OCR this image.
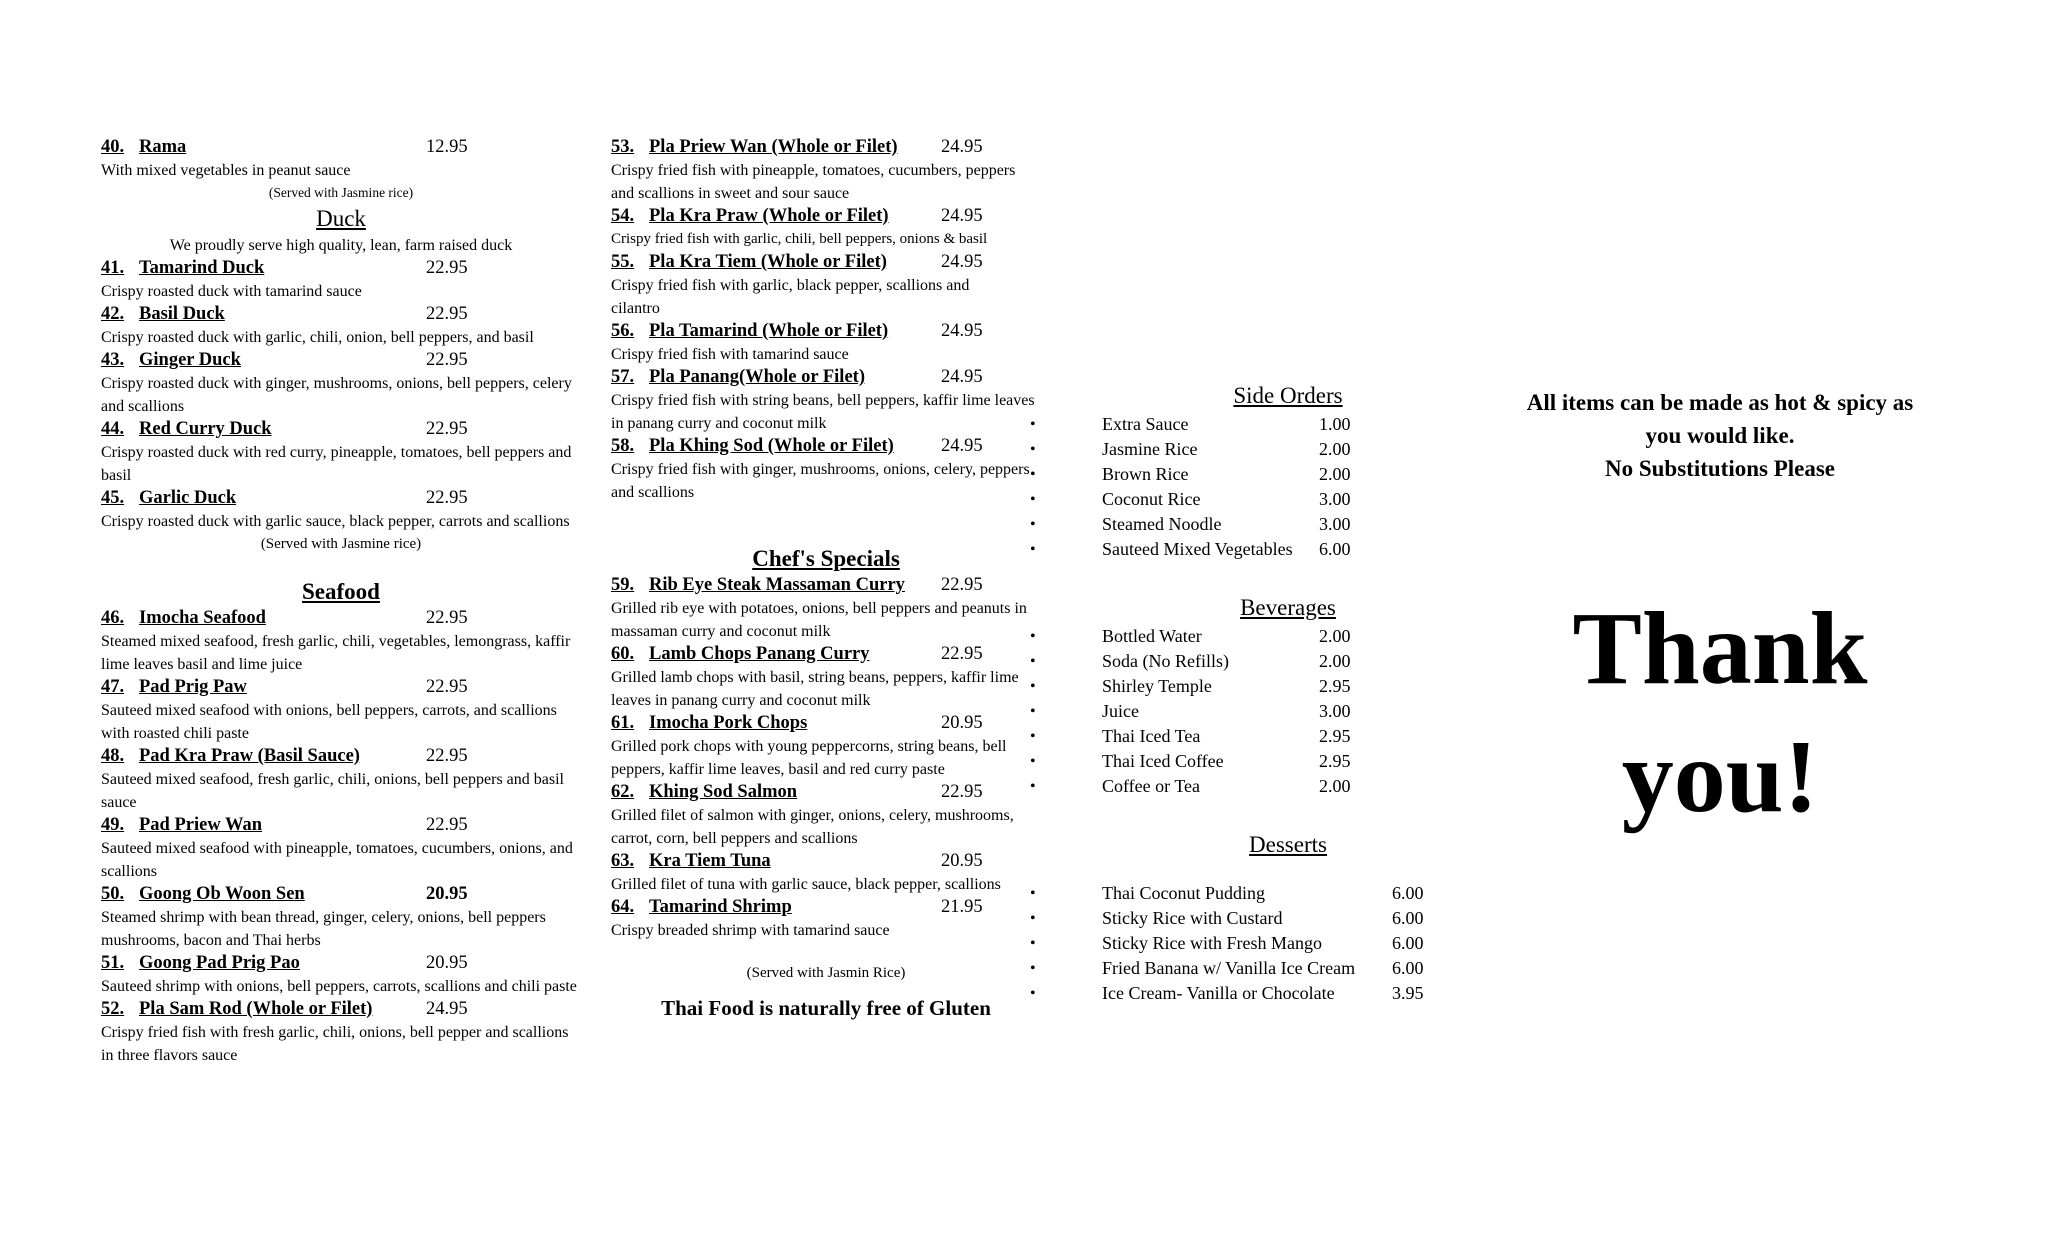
40. Rama	12.95
With mixed vegetables in peanut sauce
(Served with Jasmine rice)
Duck
We proudly serve high quality, lean, farm raised duck
41. Tamarind Duck	22.95
Crispy roasted duck with tamarind sauce
42. Basil Duck	22.95
Crispy roasted duck with garlic, chili, onion, bell peppers, and basil
43. Ginger Duck	22.95
Crispy roasted duck with ginger, mushrooms, onions, bell peppers, celery and scallions
44. Red Curry Duck	22.95
Crispy roasted duck with red curry, pineapple, tomatoes, bell peppers and basil
45. Garlic Duck	22.95
Crispy roasted duck with garlic sauce, black pepper, carrots and scallions
(Served with Jasmine rice)
Seafood
46. Imocha Seafood	22.95
Steamed mixed seafood, fresh garlic, chili, vegetables, lemongrass, kaffir lime leaves basil and lime juice
47. Pad Prig Paw	22.95
Sauteed mixed seafood with onions, bell peppers, carrots, and scallions with roasted chili paste
48. Pad Kra Praw (Basil Sauce)	22.95
Sauteed mixed seafood, fresh garlic, chili, onions, bell peppers and basil sauce
49. Pad Priew Wan	22.95
Sauteed mixed seafood with pineapple, tomatoes, cucumbers, onions, and scallions
50. Goong Ob Woon Sen	20.95
Steamed shrimp with bean thread, ginger, celery, onions, bell peppers mushrooms, bacon and Thai herbs
51. Goong Pad Prig Pao	20.95
Sauteed shrimp with onions, bell peppers, carrots, scallions and chili paste
52. Pla Sam Rod (Whole or Filet)	24.95
Crispy fried fish with fresh garlic, chili, onions, bell pepper and scallions in three flavors sauce
53. Pla Priew Wan (Whole or Filet) 24.95
Crispy fried fish with pineapple, tomatoes, cucumbers, peppers and scallions in sweet and sour sauce
54. Pla Kra Praw (Whole or Filet)	24.95
Crispy fried fish with garlic, chili, bell peppers, onions & basil
55. Pla Kra Tiem (Whole or Filet)	24.95
Crispy fried fish with garlic, black pepper, scallions and cilantro
56. Pla Tamarind (Whole or Filet)	24.95
Crispy fried fish with tamarind sauce
57. Pla Panang(Whole or Filet)	24.95
Crispy fried fish with string beans, bell peppers, kaffir lime leaves in panang curry and coconut milk
58. Pla Khing Sod (Whole or Filet)	24.95
Crispy fried fish with ginger, mushrooms, onions, celery, peppers and scallions
Chef's Specials
59. Rib Eye Steak Massaman Curry 22.95
Grilled rib eye with potatoes, onions, bell peppers and peanuts in massaman curry and coconut milk
60. Lamb Chops Panang Curry	22.95
Grilled lamb chops with basil, string beans, peppers, kaffir lime leaves in panang curry and coconut milk
61. Imocha Pork Chops	20.95
Grilled pork chops with young peppercorns, string beans, bell peppers, kaffir lime leaves, basil and red curry paste
62. Khing Sod Salmon	22.95
Grilled filet of salmon with ginger, onions, celery, mushrooms, carrot, corn, bell peppers and scallions
63. Kra Tiem Tuna	20.95
Grilled filet of tuna with garlic sauce, black pepper, scallions
64. Tamarind Shrimp	21.95
Crispy breaded shrimp with tamarind sauce
(Served with Jasmin Rice)
Thai Food is naturally free of Gluten
Side Orders
•	Extra Sauce	1.00
•	Jasmine Rice	2.00
•	Brown Rice	2.00
•	Coconut Rice	3.00
•	Steamed Noodle	3.00
•	Sauteed Mixed Vegetables	6.00
Beverages
•	Bottled Water	2.00
•	Soda (No Refills)	2.00
•	Shirley Temple	2.95
•	Juice	3.00
•	Thai Iced Tea	2.95
•	Thai Iced Coffee	2.95
•	Coffee or Tea	2.00
Desserts
•	Thai Coconut Pudding	6.00
•	Sticky Rice with Custard	6.00
•	Sticky Rice with Fresh Mango	6.00
•	Fried Banana w/ Vanilla Ice Cream	6.00
•	Ice Cream- Vanilla or Chocolate	3.95
All items can be made as hot & spicy as
you would like.
No Substitutions Please
Thank
you!
